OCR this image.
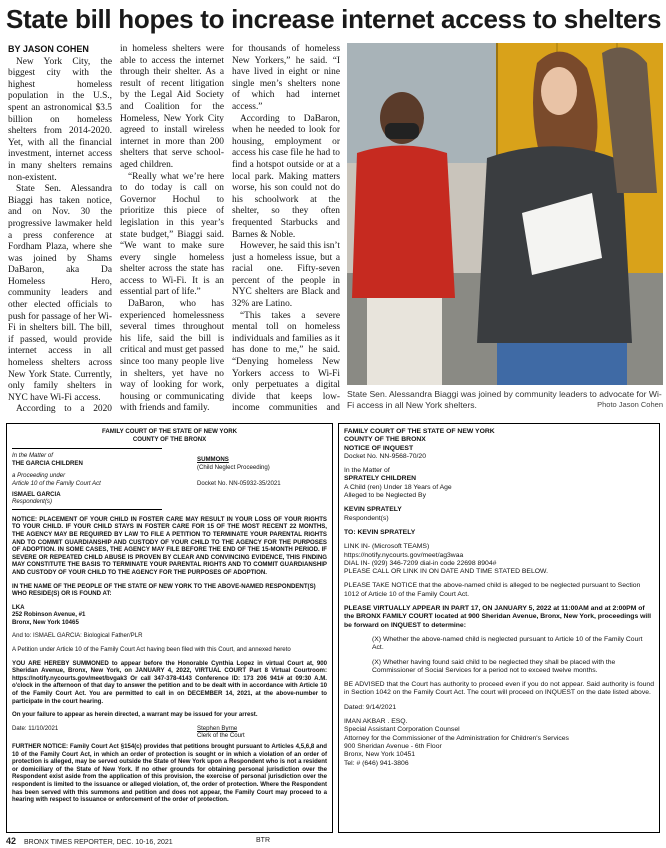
State bill hopes to increase internet access to shelters
BY JASON COHEN

New York City, the biggest city with the highest homeless population in the U.S., spent an astronomical $3.5 billion on homeless shelters from 2014-2020. Yet, with all the financial investment, internet access in many shelters remains non-existent.

State Sen. Alessandra Biaggi has taken notice, and on Nov. 30 the progressive lawmaker held a press conference at Fordham Plaza, where she was joined by Shams DaBaron, aka Da Homeless Hero, community leaders and other elected officials to push for passage of her Wi-Fi in shelters bill. The bill, if passed, would provide internet access in all homeless shelters across New York State. Currently, only family shelters in NYC have Wi-Fi access.

According to a 2020

in homeless shelters were able to access the internet through their shelter. As a result of recent litigation by the Legal Aid Society and Coalition for the Homeless, New York City agreed to install wireless internet in more than 200 shelters that serve school-aged children.

“Really what we’re here to do today is call on Governor Hochul to prioritize this piece of legislation in this year’s state budget,” Biaggi said. “We want to make sure every single homeless shelter across the state has access to Wi-Fi. It is an essential part of life.”

DaBaron, who has experienced homelessness several times throughout his life, said the bill is critical and must get passed since too many people live in shelters, yet have no way of looking for work, housing or communicating with friends and family.

for thousands of homeless New Yorkers,” he said. “I have lived in eight or nine single men’s shelters none of which had internet access.”

According to DaBaron, when he needed to look for housing, employment or access his case file he had to find a hotspot outside or at a local park. Making matters worse, his son could not do his schoolwork at the shelter, so they often frequented Starbucks and Barnes & Noble.

However, he said this isn’t just a homeless issue, but a racial one. Fifty-seven percent of the people in NYC shelters are Black and 32% are Latino.

“This takes a severe mental toll on homeless individuals and families as it has done to me,” he said. “Denying homeless New Yorkers access to Wi-Fi only perpetuates a digital divide that keeps low-income communities and

State Sen. Alessandra Biaggi was joined by community leaders to advocate for Wi-Fi access in all New York shelters.	Photo Jason Cohen
FAMILY COURT OF THE STATE OF NEW YORK
COUNTY OF THE BRONX
In the Matter of
THE GARCIA CHILDREN
a Proceeding under
Article 10 of the Family Court Act
ISMAEL GARCIA
Respondent(s)
SUMMONS
(Child Neglect Proceeding)
Docket No. NN-05932-35/2021
NOTICE: PLACEMENT OF YOUR CHILD IN FOSTER CARE MAY RESULT IN YOUR LOSS OF YOUR RIGHTS TO YOUR CHILD. IF YOUR CHILD STAYS IN FOSTER CARE FOR 15 OF THE MOST RECENT 22 MONTHS, THE AGENCY MAY BE REQUIRED BY LAW TO FILE A PETITION TO TERMINATE YOUR PARENTAL RIGHTS AND TO COMMIT GUARDIANSHIP AND CUSTODY OF YOUR CHILD TO THE AGENCY FOR THE PURPOSES OF ADOPTION. IN SOME CASES, THE AGENCY MAY FILE BEFORE THE END OF THE 15-MONTH PERIOD. IF SEVERE OR REPEATED CHILD ABUSE IS PROVEN BY CLEAR AND CONVINCING EVIDENCE, THIS FINDING MAY CONSTITUTE THE BASIS TO TERMINATE YOUR PARENTAL RIGHTS AND TO COMMIT GUARDIANSHIP AND CUSTODY OF YOUR CHILD TO THE AGENCY FOR THE PURPOSES OF ADOPTION.
IN THE NAME OF THE PEOPLE OF THE STATE OF NEW YORK TO THE ABOVE-NAMED RESPONDENT(S) WHO RESIDE(S) OR IS FOUND AT:
LKA
252 Robinson Avenue, #1
Bronx, New York 10465
And to: ISMAEL GARCIA: Biological Father/PLR
A Petition under Article 10 of the Family Court Act having been filed with this Court, and annexed hereto
YOU ARE HEREBY SUMMONED to appear before the Honorable Cynthia Lopez in virtual Court at, 900 Sheridan Avenue, Bronx, New York, on JANUARY 4, 2022, VIRTUAL COURT Part 8 Virtual Courtroom: https://notify.nycourts.gov/meet/bvgak3 Or call 347-378-4143 Conference ID: 173 206 941# at 09:30 A.M. o'clock in the afternoon of that day to answer the petition and to be dealt with in accordance with Article 10 of the Family Court Act. You are permitted to call in on DECEMBER 14, 2021, at the above-number to participate in the court hearing.
On your failure to appear as herein directed, a warrant may be issued for your arrest.
Date: 11/10/2021	Stephen Byrne
Clerk of the Court
FURTHER NOTICE: Family Court Act §154(c) provides that petitions brought pursuant to Articles 4,5,6,8 and 10 of the Family Court Act, in which an order of protection is sought or in which a violation of an order of protection is alleged, may be served outside the State of New York upon a Respondent who is not a resident or domiciliary of the State of New York. If no other grounds for obtaining personal jurisdiction over the Respondent exist aside from the application of this provision, the exercise of personal jurisdiction over the respondent is limited to the issuance or alleged violation, of, the order of protection. Where the Respondent has been served with this summons and petition and does not appear, the Family Court may proceed to a hearing with respect to issuance or enforcement of the order of protection.
FAMILY COURT OF THE STATE OF NEW YORK
COUNTY OF THE BRONX
NOTICE OF INQUEST
Docket No. NN-9568-70/20
In the Matter of
SPRATELY CHILDREN
A Child (ren) Under 18 Years of Age
Alleged to be Neglected By
KEVIN SPRATELY
Respondent(s)
TO: KEVIN SPRATELY
LINK IN- (Microsoft TEAMS)
https://notify.nycourts.gov/meet/ag3waa
DIAL IN- (929) 346-7209 dial-in code 22698 8904#
PLEASE CALL OR LINK IN ON DATE AND TIME STATED BELOW.
PLEASE TAKE NOTICE that the above-named child is alleged to be neglected pursuant to Section 1012 of Article 10 of the Family Court Act.
PLEASE VIRTUALLY APPEAR IN PART 17, ON JANUARY 5, 2022 at 11:00AM and at 2:00PM of the BRONX FAMILY COURT located at 900 Sheridan Avenue, Bronx, New York, proceedings will be forward on INQUEST to determine:
(X) Whether the above-named child is neglected pursuant to Article 10 of the Family Court Act.
(X) Whether having found said child to be neglected they shall be placed with the Commissioner of Social Services for a period not to exceed twelve months.
BE ADVISED that the Court has authority to proceed even if you do not appear. Said authority is found in Section 1042 on the Family Court Act. The court will proceed on INQUEST on the date listed above.
Dated: 9/14/2021
IMAN AKBAR . ESQ.
Special Assistant Corporation Counsel
Attorney for the Commissioner of the Administration for Children's Services
900 Sheridan Avenue - 6th Floor
Bronx, New York 10451
Tel: # (646) 941-3806
42 BRONX TIMES REPORTER, DEC. 10-16, 2021	BTR
